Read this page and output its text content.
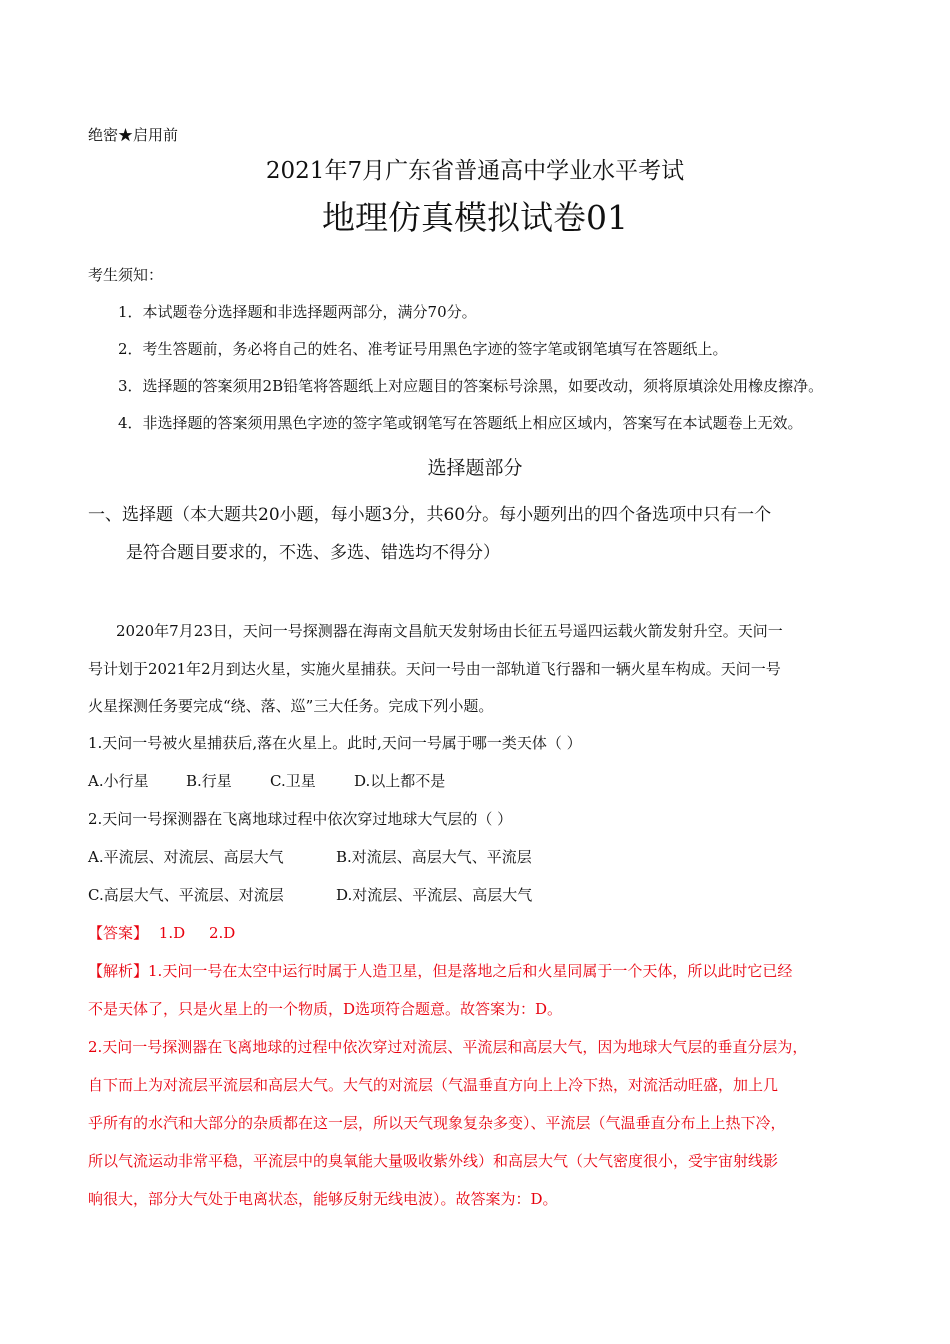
绝密★启用前
2021年7月广东省普通高中学业水平考试
地理仿真模拟试卷01
考生须知：
1．本试题卷分选择题和非选择题两部分，满分70分。
2．考生答题前，务必将自己的姓名、准考证号用黑色字迹的签字笔或钢笔填写在答题纸上。
3．选择题的答案须用2B铅笔将答题纸上对应题目的答案标号涂黑，如要改动，须将原填涂处用橡皮擦净。
4．非选择题的答案须用黑色字迹的签字笔或钢笔写在答题纸上相应区域内，答案写在本试题卷上无效。
选择题部分
一、选择题（本大题共20小题，每小题3分，共60分。每小题列出的四个备选项中只有一个
是符合题目要求的，不选、多选、错选均不得分）
2020年7月23日，天问一号探测器在海南文昌航天发射场由长征五号遥四运载火箭发射升空。天问一
号计划于2021年2月到达火星，实施火星捕获。天问一号由一部轨道飞行器和一辆火星车构成。天问一号
火星探测任务要完成“绕、落、巡”三大任务。完成下列小题。
1.天问一号被火星捕获后,落在火星上。此时,天问一号属于哪一类天体（ ）
A.小行星 B.行星	C.卫星	D.以上都不是
2.天问一号探测器在飞离地球过程中依次穿过地球大气层的（ ）
A.平流层、对流层、高层大气	B.对流层、高层大气、平流层
C.高层大气、平流层、对流层	D.对流层、平流层、高层大气
【答案】 1.D     2.D
【解析】1.天问一号在太空中运行时属于人造卫星，但是落地之后和火星同属于一个天体，所以此时它已经
不是天体了，只是火星上的一个物质，D选项符合题意。故答案为：D。
2.天问一号探测器在飞离地球的过程中依次穿过对流层、平流层和高层大气，因为地球大气层的垂直分层为，
自下而上为对流层平流层和高层大气。大气的对流层（气温垂直方向上上冷下热，对流活动旺盛，加上几
乎所有的水汽和大部分的杂质都在这一层，所以天气现象复杂多变）、平流层（气温垂直分布上上热下冷，
所以气流运动非常平稳，平流层中的臭氧能大量吸收紫外线）和高层大气（大气密度很小，受宇宙射线影
响很大，部分大气处于电离状态，能够反射无线电波）。故答案为：D。
